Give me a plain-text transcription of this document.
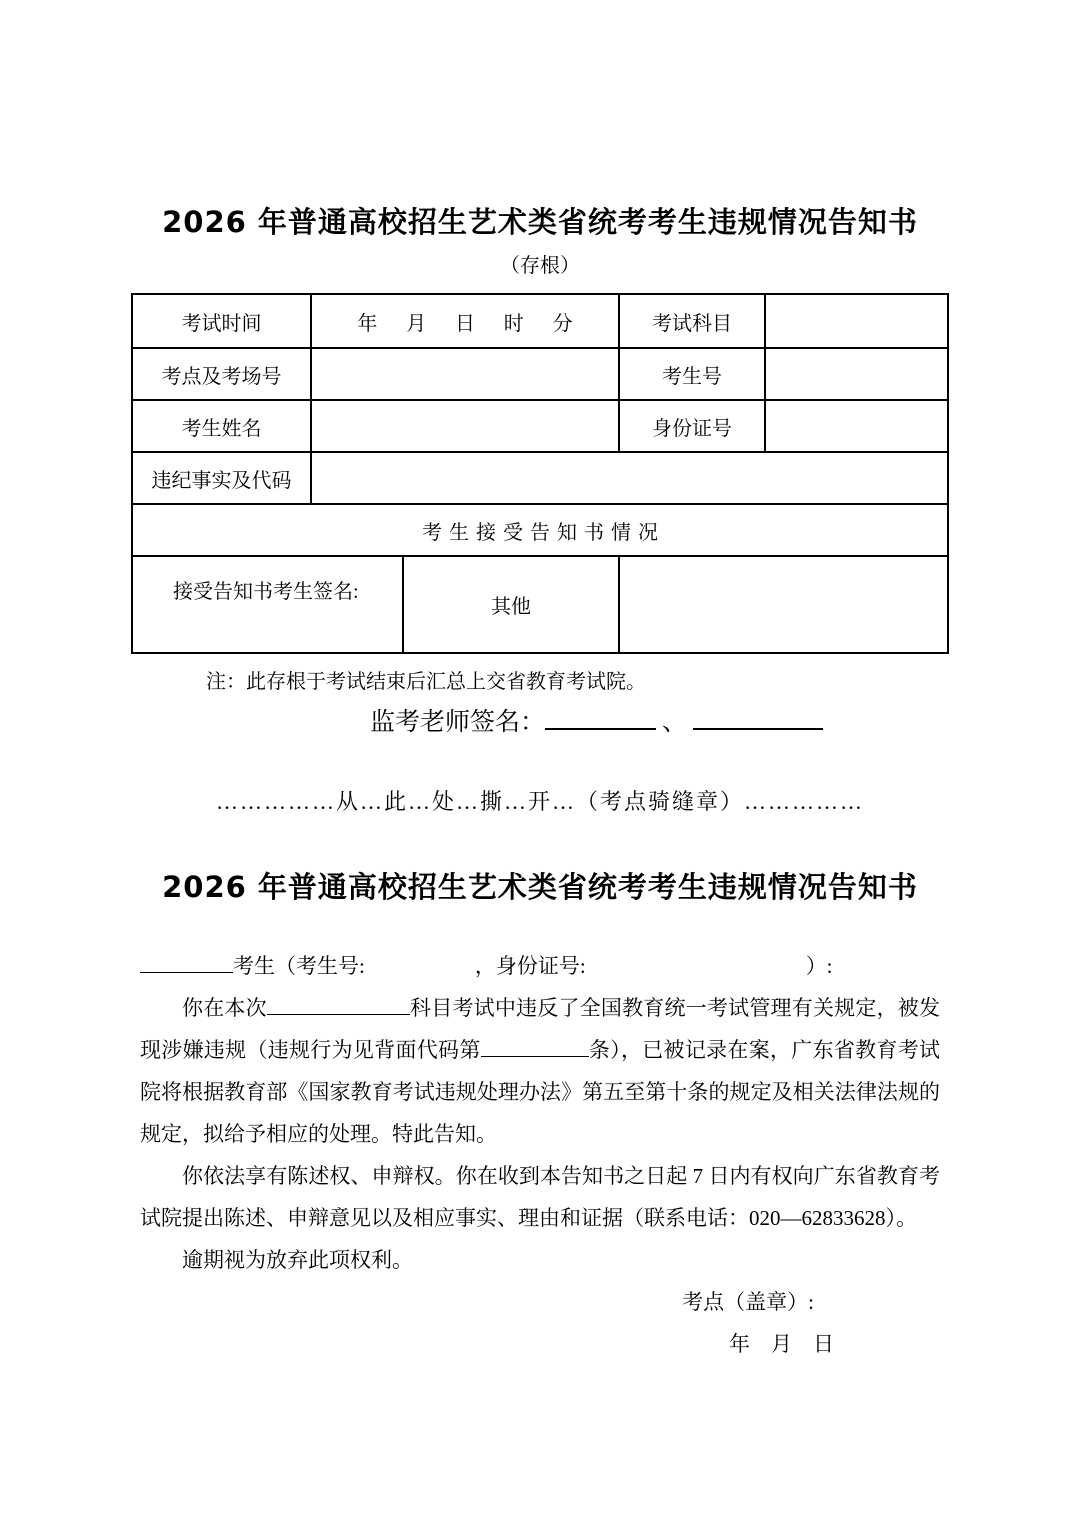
2026 年普通高校招生艺术类省统考考生违规情况告知书
（存根）
考试时间	年　月　日　时　分	考试科目
考点及考场号	考生号
考生姓名	身份证号
违纪事实及代码
考生接受告知书情况
接受告知书考生签名:
其他
注：此存根于考试结束后汇总上交省教育考试院。
监考老师签名：	、
……………从…此…处…撕…开…（考点骑缝章）……………
2026 年普通高校招生艺术类省统考考生违规情况告知书

考生（考生号:	，身份证号:	）:

你在本次	科目考试中违反了全国教育统一考试管理有关规定，被发现涉嫌违规（违规行为见背面代码第	条），已被记录在案，广东省教育考试院将根据教育部《国家教育考试违规处理办法》第五至第十条的规定及相关法律法规的规定，拟给予相应的处理。特此告知。

你依法享有陈述权、申辩权。你在收到本告知书之日起 7 日内有权向广东省教育考试院提出陈述、申辩意见以及相应事实、理由和证据（联系电话：020—62833628）。

逾期视为放弃此项权利。

考点（盖章）:

年　月　日
